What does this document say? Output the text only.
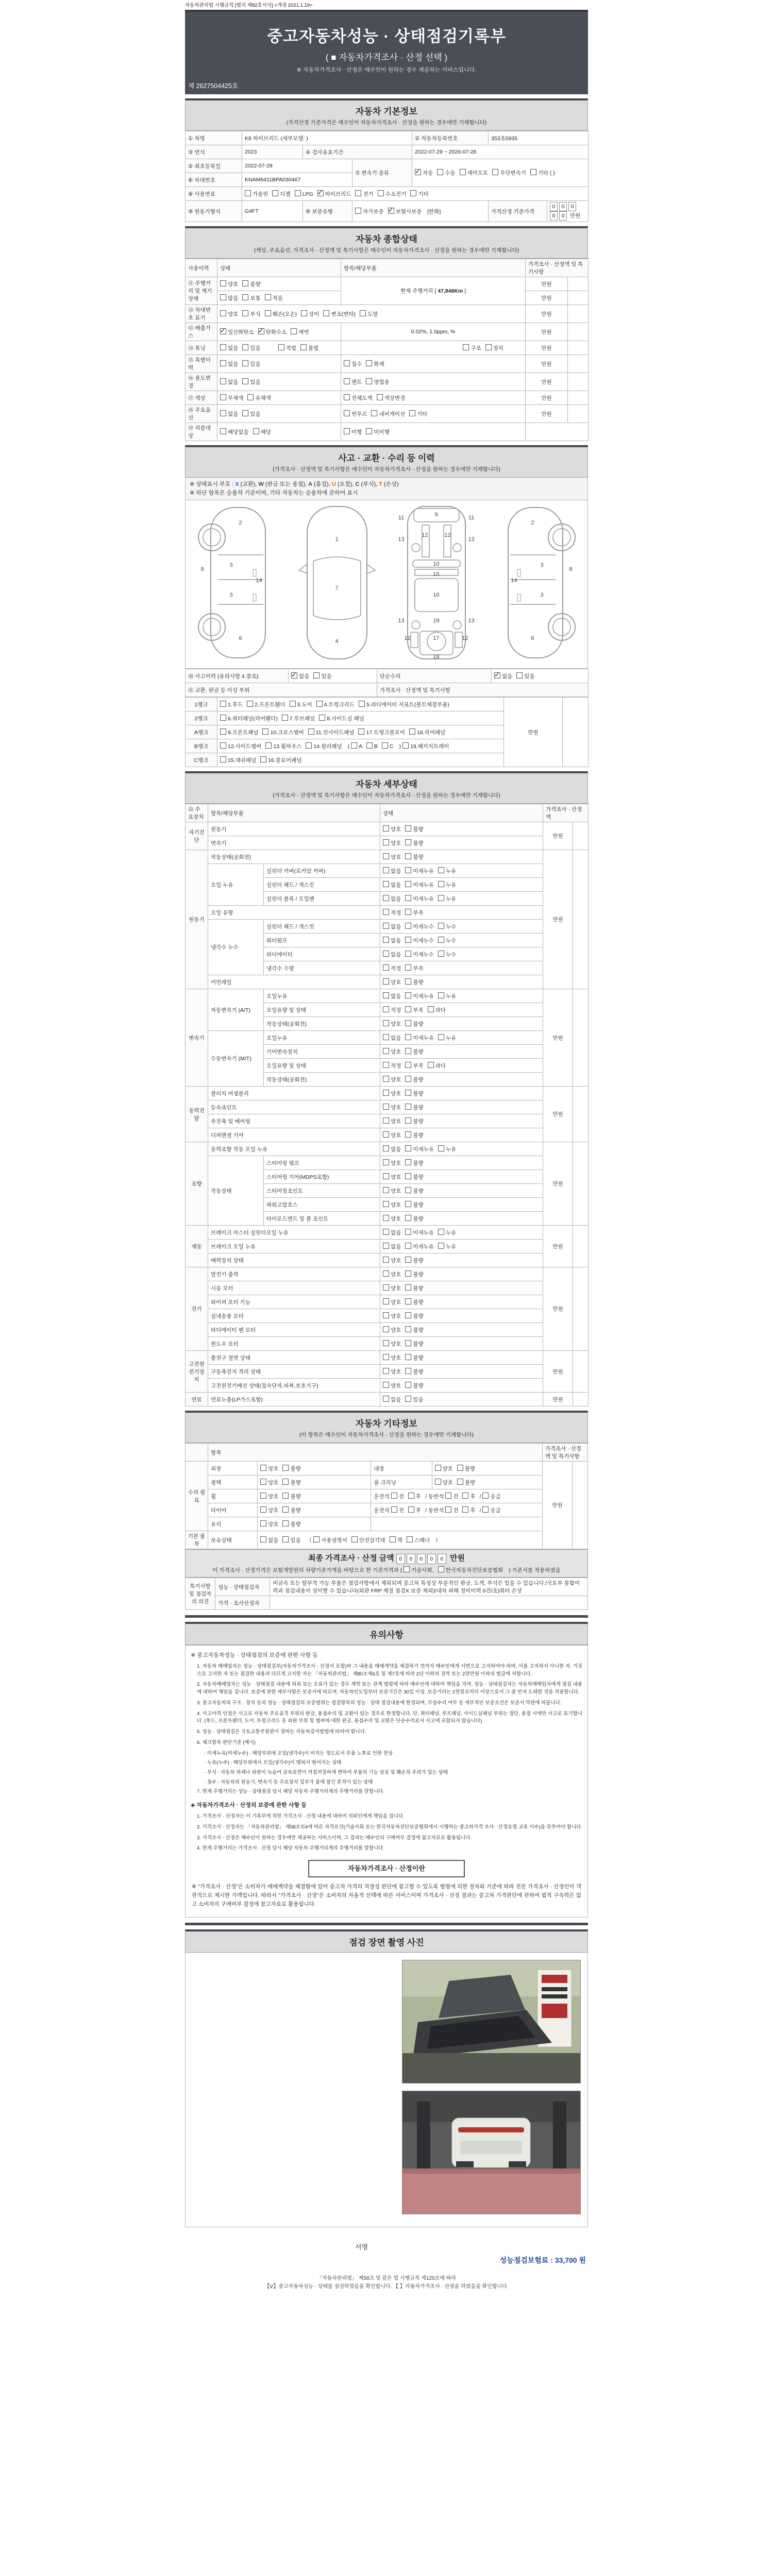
자동차관리법 시행규칙 [별지 제82호서식] <개정 2021.1.19>
중고자동차성능 · 상태점검기록부
( ■ 자동차가격조사 · 산정 선택 )
※ 자동차가격조사 · 산정은 매수인이 원하는 경우 제공하는 서비스입니다.
제 2627504425호
자동차 기본정보
(가격산정 기준가격은 매수인이 자동차가격조사 · 산정을 원하는 경우에만 기재합니다)
① 차명	K8 하이브리드 (세부모델: )			② 자동차등록번호	353조5935	
③ 연식	2023	④ 검사유효기간		2022-07-29 ~ 2026-07-28		
⑤ 최초등록일	2022-07-29		⑦ 변속기 종류	✓자동 수동 세미오토 무단변속기 기타 ( )
⑥ 차대번호	KNAM6411BPA030467					
⑧ 사용연료	가솔린 디젤 LPG ✓ 하이브리드 전기 수소전기 기타
⑨ 원동기형식	G4FT	⑩ 보증유형	자가보증 ✓ 보험사보증 [한화]		가격산정 기준가격	0 0 00 0 만원
자동차 종합상태
(색상, 주요옵션, 가격조사 · 산정액 및 특기사항은 매수인이 자동차가격조사 · 산정을 원하는 경우에만 기재합니다)
사용이력	상태	항목/해당부품	가격조사 · 산정액 및 특기사항	
⑪ 주행거리 및 계기상태	양호 불량	현재 주행거리 [ 47,846Km ]	만원	
	많음 보통 적음		만원	
⑫ 차대번호 표기	양호 부식 훼손(오손) 상이 변조(변타) 도말		만원	
⑬ 배출가스	✓일산화탄소 ✓ 탄화수소 매연	0.02%, 1.0ppm, %	만원	
⑭ 튜닝	없음 있음 적법 불법	구조 장치	만원	
⑮ 특별이력	없음 있음	침수 화재	만원	
⑯ 용도변경	없음 있음	렌트 영업용	만원	
⑰ 색상	무채색 유채색	전체도색 색상변경	만원	
⑱ 주요옵션	없음 있음	썬루프 네비게이션 기타	만원	
⑲ 리콜대상	해당없음 해당	이행 미이행		
사고 · 교환 · 수리 등 이력
(가격조사 · 산정액 및 특기사항은 매수인이 자동차가격조사 · 산정을 원하는 경우에만 기재합니다)
※ 상태표시 부호 : X (교환), W (판금 또는 용접), A (흠집), U (요철), C (부식), T (손상)
※ 하단 항목은 승용차 기준이며, 기타 자동차는 승용차에 준하여 표시
2
8
3
14
3
6
1
7
4
11	9	11
13
12	12
13
10
15
16
13	19	13
12	17	12
18
2
3
8
14
3
6
⑳ 사고이력 (유의사항 4.참조)	✓없음 있음	단순수리	✓없음 있음
㉑ 교환, 판금 등 이상 부위		가격조사 · 산정액 및 특기사항	
1랭크	1.후드 2.프론트휀더 3.도어 4.트렁크리드 5.라디에이터 서포트(볼트체결부품)	만원	
2랭크	6.쿼터패널(리어휀다) 7.루브패널 8.사이드실 패널		
A랭크	9.프론트패널 10.크로스멤버 11.인사이드패널 17.트렁크플로어 18.리어패널		
B랭크	12.사이드멤버 13.휠하우스 14.필러패널 ( A B C ) 19.패키지트레이		
C랭크	15.대쉬패널 16.플로어패널		
자동차 세부상태
(가격조사 · 산정액 및 특기사항은 매수인이 자동차가격조사 · 산정을 원하는 경우에만 기재합니다)
㉒ 주요장치	항목/해당부품		상태	가격조사 · 산정액	
자기진단	원동기		양호 불량	만원	
	변속기		양호 불량		
원동기	작동상태(공회전)		양호 불량	만원	
	오일 누유	실린더 커버(로커암 커버)	없음 미세누유 누유		
		실린더 헤드 / 개스킷	없음 미세누유 누유		
		실린더 블록 / 오일팬	없음 미세누유 누유		
	오일 유량		적정 부족		
	냉각수 누수	실린더 헤드 / 개스킷	없음 미세누수 누수		
		워터펌프	없음 미세누수 누수		
		라디에이터	없음 미세누수 누수		
		냉각수 수량	적정 부족		
	커먼레일		양호 불량		
변속기	자동변속기 (A/T)	오일누유	없음 미세누유 누유	만원	
		오일유량 및 상태	적정 부족 과다		
		작동상태(공회전)	양호 불량		
	수동변속기 (M/T)	오일누유	없음 미세누유 누유		
		기어변속장치	양호 불량		
		오일유량 및 상태	적정 부족 과다		
		작동상태(공회전)	양호 불량		
동력전달	클러치 어셈블리		양호 불량	만원	
	등속죠인트		양호 불량		
	추진축 및 베어링		양호 불량		
	디퍼렌셜 기어		양호 불량		
조향	동력조향 작동 오일 누유		없음 미세누유 누유	만원	
	작동상태	스티어링 펌프	양호 불량		
		스티어링 기어(MDPS포함)	양호 불량		
		스티어링조인트	양호 불량		
		파워고압호스	양호 불량		
		타이로드엔드 및 볼 조인트	양호 불량		
제동	브레이크 마스터 실린더오일 누유		없음 미세누유 누유	만원	
	브레이크 오일 누유		없음 미세누유 누유		
	배력장치 상태		양호 불량		
전기	발전기 출력		양호 불량	만원	
	시동 모터		양호 불량		
	와이퍼 모터 기능		양호 불량		
	실내송풍 모터		양호 불량		
	라디에이터 팬 모터		양호 불량		
	윈도우 모터		양호 불량		
고전원 전기장치	충전구 절연 상태		양호 불량	만원	
	구동축전지 격리 상태		양호 불량		
	고전원전기배선 상태(접속단자,피복,보호기구)		양호 불량		
연료	연료누출(LP가스포함)		없음 있음	만원	
자동차 기타정보
(이 항목은 매수인이 자동차가격조사 · 산정을 원하는 경우에만 기재합니다)
	항목				가격조사 · 산정액 및 특기사항	
수리 필요	외장	양호 불량	내장	양호 불량	만원	
	광택	양호 불량	룸 크리닝	양호 불량		
	휠	양호 불량	운전석 전 후 / 동반석 전 후 / 응급			
	타이어	양호 불량	운전석 전 후 / 동반석 전 후 / 응급			
	유리	양호 불량				
기본 품목	보유상태	없음 있음 （ 사용설명서 안전삼각대 잭 스패너 ）				
최종 가격조사 · 산정 금액 0 0 0 0 0 만원
이 가격조사 · 산정가격은 보험개발원의 차량기준가액을 바탕으로 한 기준가격과 ( 기술사회, 한국자동차진단보증협회 ) 기준서를 적용하였음
특기사항 및 점검자의 의견	성능 · 상태점검자	비금속 또는 탈부착 가능 부품은 점검사항에서 제외되며 중고차 특성상 부분적인 판금, 도색, 부식은 있을 수 있습니다./국토부 통합이력과 점검내용이 상이할 수 있습니다(외판 FRP 재질 점검X 보증 제외)/내차 피해 정비이력 0건/조)쿼터 손상
	가격 · 조사산정자	
유의사항
※ 중고자동차성능 · 상태점검의 보증에 관한 사항 등
1. 자동차 매매업자는 성능 · 상태점검부(자동차가격조사 · 산정서 포함)와 그 내용을 매매계약을 체결하기 전까지 매수인에게 서면으로 고지하여야 하며, 이를 고지하지 아니한 자, 거짓으로 고지한 자 또는 점검한 내용과 다르게 고지한 자는 「자동차관리법」 제80조제6호 및 제7호에 따라 2년 이하의 징역 또는 2천만원 이하의 벌금에 처합니다.
2. 자동차매매업자는 성능 · 상태점검 내용에 허위 또는 오류가 있는 경우 계약 또는 관계 법령에 따라 매수인에 대하여 책임을 지며, 성능 · 상태점검자는 자동차매매업자에게 점검 내용에 대하여 책임을 집니다. 보증에 관한 세부사항은 보증서에 따르며, 자동차인도일부터 보증기간은 30일 이상, 보증거리는 2천킬로미터 이상으로서 그 중 먼저 도래한 것을 적용합니다.
3. 중고자동차의 구조 · 장치 등의 성능 · 상태점검의 보증범위는 점검항목의 성능 · 상태 점검내용에 한정되며, 무상수리 여부 등 세부적인 보증조건은 보증서 약관에 따릅니다.
4. 사고이력 인정은 사고로 자동차 주요골격 부위의 판금, 용접수리 및 교환이 있는 경우로 한정합니다. 단, 쿼터패널, 루프패널, 사이드실패널 부위는 절단, 용접 시에만 사고로 표기합니다. (후드, 프론트펜더, 도어, 트렁크리드 등 외판 부위 및 범퍼에 대한 판금, 용접수리 및 교환은 단순수리로서 사고에 포함되지 않습니다)
5. 성능 · 상태점검은 국토교통부장관이 정하는 자동차검사방법에 따라야 합니다.
6. 체크항목 판단기준 (예시)
· 미세누유(미세누수) : 해당부위에 오일(냉각수)이 비치는 정도로서 부품 노후로 인한 현상
· 누유(누수) : 해당부위에서 오일(냉각수)이 맺혀서 떨어지는 상태
· 부식 : 자동차 하체나 외판이 녹슬어 금속표면이 꺼칠꺼칠하게 변하여 부품의 기능 상실 및 훼손의 우려가 있는 상태
· 침수 : 자동차의 원동기, 변속기 등 주요장치 일부가 물에 잠긴 흔적이 있는 상태
7. 현재 주행거리는 성능 · 상태점검 당시 해당 자동차 주행거리계의 주행거리를 말합니다.
◈ 자동차가격조사 · 산정의 보증에 관한 사항 등
1. 가격조사 · 산정자는 이 기록부에 적힌 가격조사 · 산정 내용에 대하여 의뢰인에게 책임을 집니다.
2. 가격조사 · 산정자는 「자동차관리법」 제58조의4에 따른 자격요건(기술사회 또는 한국자동차진단보증협회에서 시행하는 중고차가격 조사 · 산정요령 교육 이수)을 갖추어야 합니다.
3. 가격조사 · 산정은 매수인이 원하는 경우에만 제공하는 서비스이며, 그 결과는 매수인의 구매여부 결정에 참고자료로 활용됩니다.
4. 현재 주행거리는 가격조사 · 산정 당시 해당 자동차 주행거리계의 주행거리를 말합니다.
자동차가격조사 · 산정이란
※ "가격조사 · 산정"은 소비자가 매매계약을 체결함에 있어 중고차 가격의 적절성 판단에 참고할 수 있도록 법령에 의한 절차와 기준에 따라 전문 가격조사 · 산정인이 객관적으로 제시한 가액입니다. 따라서 "가격조사 · 산정"은 소비자의 자율적 선택에 따른 서비스이며 가격조사 · 산정 결과는 중고차 가격판단에 관하여 법적 구속력은 없고 소비자의 구매여부 결정에 참고자료로 활용됩니다.
점검 장면 촬영 사진
서명
성능점검보험료 : 33,700 원
「자동차관리법」 제58조 및 같은 법 시행규칙 제120조에 따라
【Ⅴ】중고자동차성능 · 상태를 점검하였음을 확인합니다. 【 】자동차가격조사 · 산정을 하였음을 확인합니다.
